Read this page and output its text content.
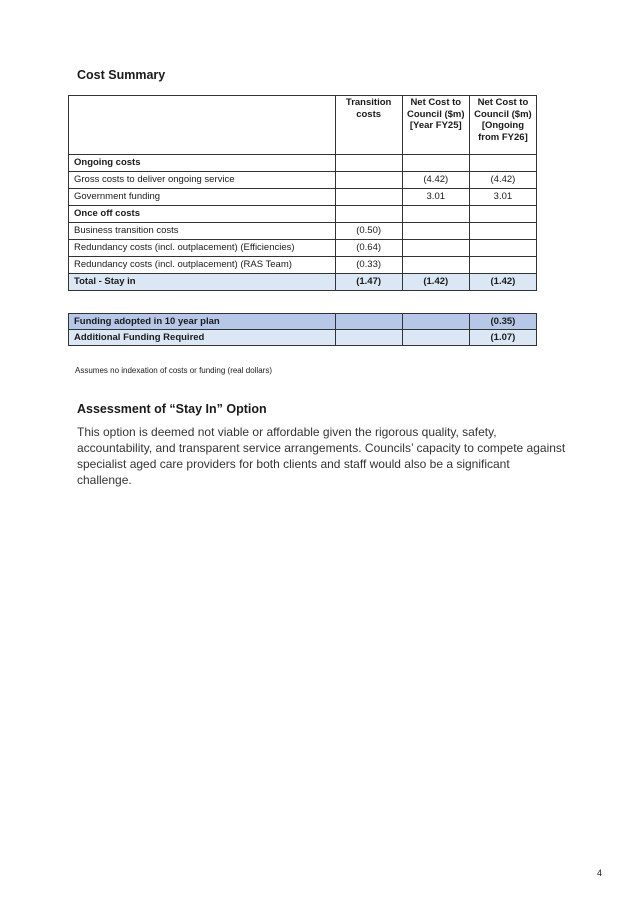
Cost Summary
	Transition costs	Net Cost to Council ($m) [Year FY25]	Net Cost to Council ($m) [Ongoing from FY26]
Ongoing costs			
Gross costs to deliver ongoing service		(4.42)	(4.42)
Government funding		3.01	3.01
Once off costs			
Business transition costs	(0.50)		
Redundancy costs (incl. outplacement) (Efficiencies)	(0.64)		
Redundancy costs (incl. outplacement) (RAS Team)	(0.33)		
Total - Stay in	(1.47)	(1.42)	(1.42)
Funding adopted in 10 year plan			(0.35)
Additional Funding Required			(1.07)
Assumes no indexation of costs or funding (real dollars)
Assessment of “Stay In” Option
This option is deemed not viable or affordable given the rigorous quality, safety, accountability, and transparent service arrangements. Councils’ capacity to compete against specialist aged care providers for both clients and staff would also be a significant challenge.
4
